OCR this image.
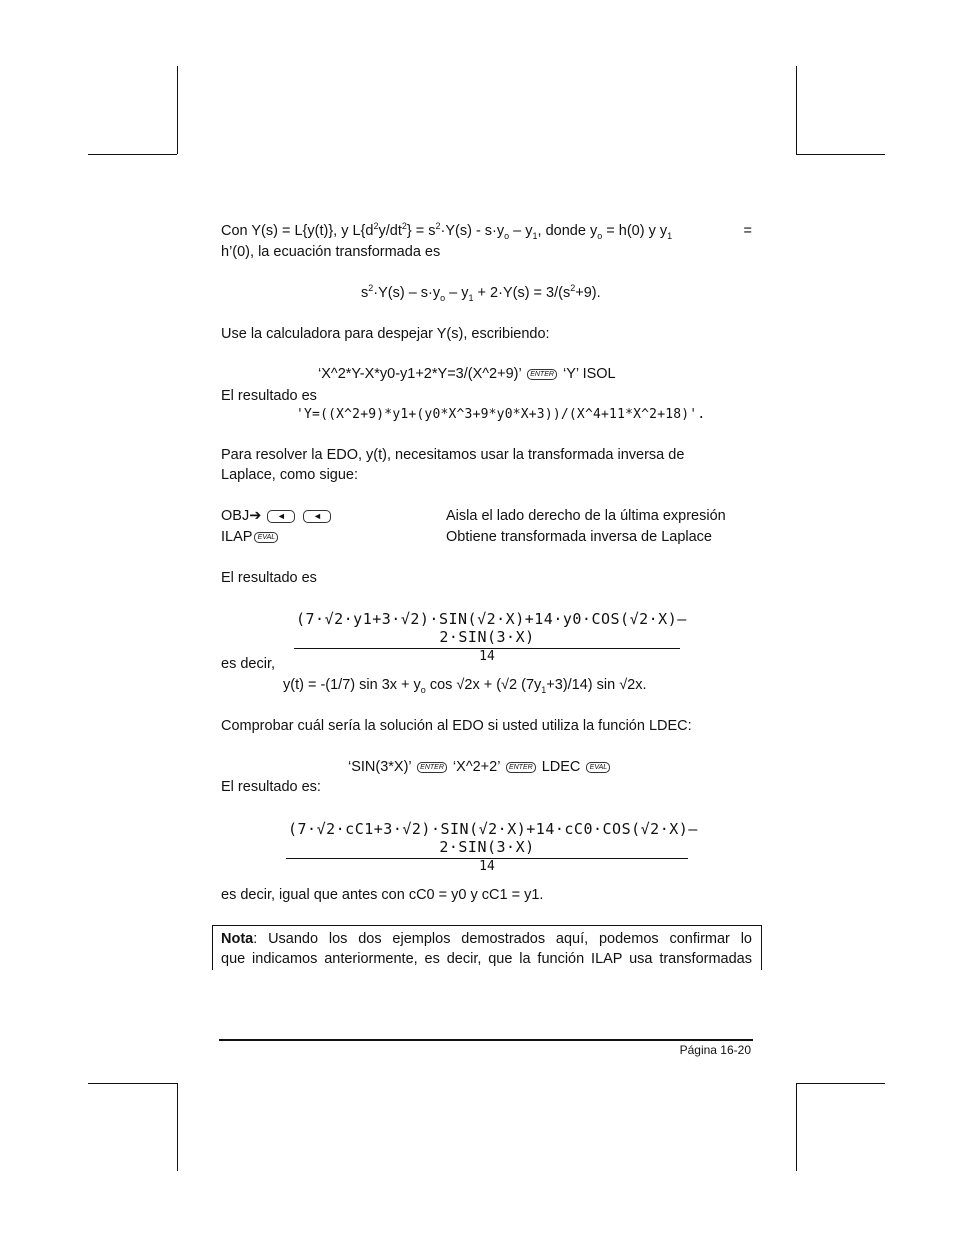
Con Y(s) = L{y(t)}, y $L\{d^2y/dt^2\} = s^2\cdot Y(s) - s\cdot y_o - y_1$, donde $y_o = h(0)$ y $y_1$	=
h’(0), la ecuación transformada es
$s^2\cdot Y(s) - s\cdot y_o - y_1 + 2\cdot Y(s) = 3/(s^2+9)$.
Use la calculadora para despejar Y(s), escribiendo:
‘X^2*Y-X*y0-y1+2*Y=3/(X^2+9)’ ENTER ‘Y’ ISOL
El resultado es
'Y=((X^2+9)*y1+(y0*X^3+9*y0*X+3))/(X^4+11*X^2+18)'.
Para resolver la EDO, y(t), necesitamos usar la transformada inversa de
Laplace, como sigue:
OBJ➔ ◄	◄	Aisla el lado derecho de la última expresión
ILAP EVAL	Obtiene transformada inversa de Laplace
El resultado es
(7·√2·y1+3·√2)·SIN(√2·X)+14·y0·COS(√2·X)–2·SIN(3·X)
14
es decir,
y(t) = -(1/7) $\sin 3x + y_o$ cos √2x + (√2 $(7y_1+3)/14$) sin √2x.
Comprobar cuál sería la solución al EDO si usted utiliza la función LDEC:
‘SIN(3*X)’ ENTER ‘X^2+2’ ENTER LDEC EVAL
El resultado es:
(7·√2·cC1+3·√2)·SIN(√2·X)+14·cC0·COS(√2·X)–2·SIN(3·X)
14
es decir, igual que antes con cC0 = y0 y cC1 = y1.
Nota: Usando los dos ejemplos demostrados aquí, podemos confirmar lo
que indicamos anteriormente, es decir, que la función ILAP usa transformadas
Página 16-20
